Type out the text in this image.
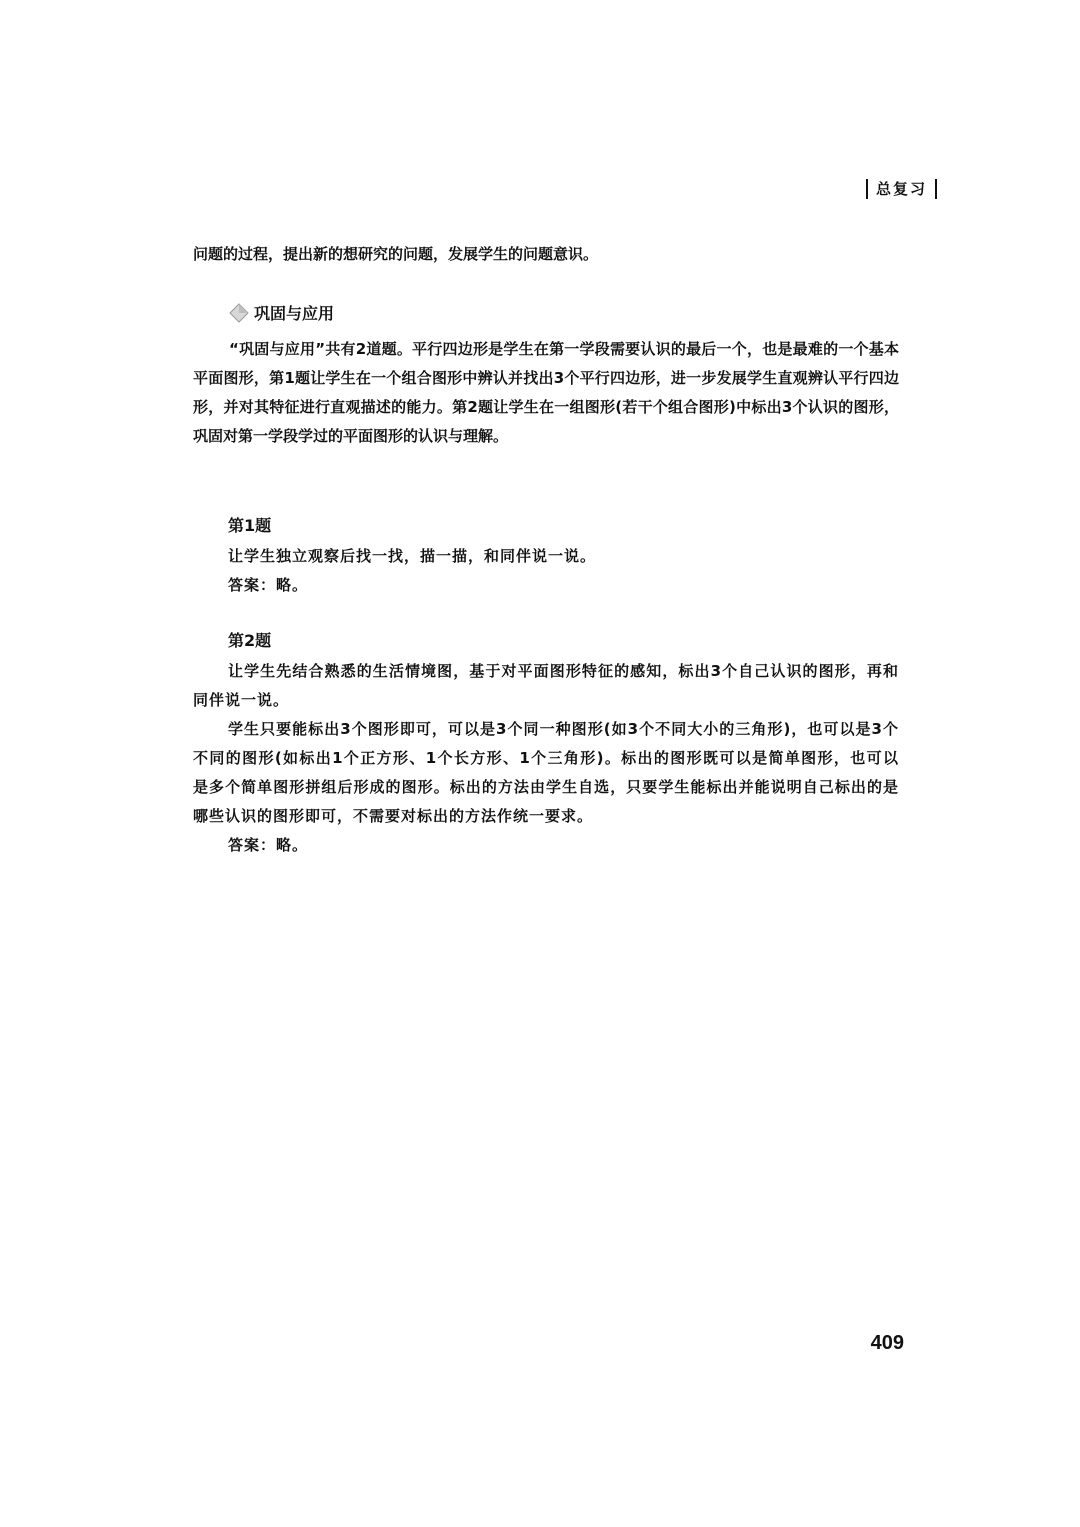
总复习
问题的过程，提出新的想研究的问题，发展学生的问题意识。
巩固与应用
“巩固与应用”共有2道题。平行四边形是学生在第一学段需要认识的最后一个，也是最难的一个基本平面图形，第1题让学生在一个组合图形中辨认并找出3个平行四边形，进一步发展学生直观辨认平行四边形，并对其特征进行直观描述的能力。第2题让学生在一组图形(若干个组合图形)中标出3个认识的图形，巩固对第一学段学过的平面图形的认识与理解。
第1题
让学生独立观察后找一找，描一描，和同伴说一说。
答案：略。
第2题

让学生先结合熟悉的生活情境图，基于对平面图形特征的感知，标出3个自己认识的图形，再和同伴说一说。

学生只要能标出3个图形即可，可以是3个同一种图形(如3个不同大小的三角形)，也可以是3个不同的图形(如标出1个正方形、1个长方形、1个三角形)。标出的图形既可以是简单图形，也可以是多个简单图形拼组后形成的图形。标出的方法由学生自选，只要学生能标出并能说明自己标出的是哪些认识的图形即可，不需要对标出的方法作统一要求。

答案：略。

409
